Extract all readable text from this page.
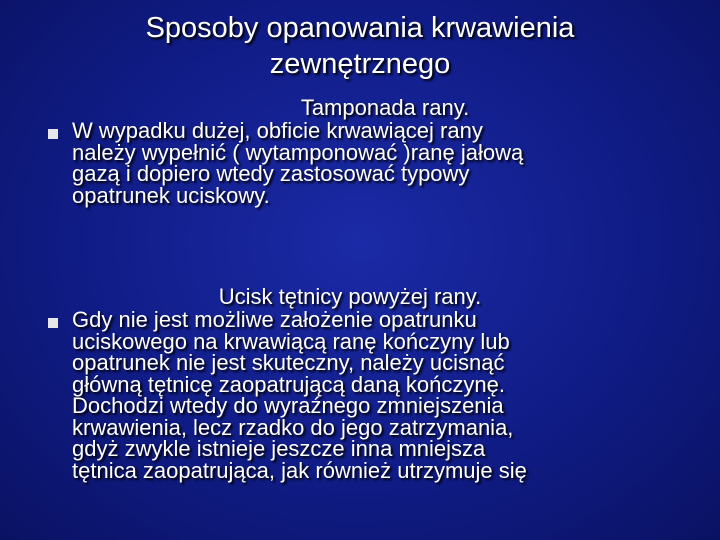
Sposoby opanowania krwawienia
zewnętrznego

Tamponada rany.

W wypadku dużej, obficie krwawiącej rany
należy wypełnić ( wytamponować )ranę jałową
gazą i dopiero wtedy zastosować typowy
opatrunek uciskowy.

Ucisk tętnicy powyżej rany.

Gdy nie jest możliwe założenie opatrunku
uciskowego na krwawiącą ranę kończyny lub
opatrunek nie jest skuteczny, należy ucisnąć
główną tętnicę zaopatrującą daną kończynę.
Dochodzi wtedy do wyraźnego zmniejszenia
krwawienia, lecz rzadko do jego zatrzymania,
gdyż zwykle istnieje jeszcze inna mniejsza
tętnica zaopatrująca, jak również utrzymuje się
